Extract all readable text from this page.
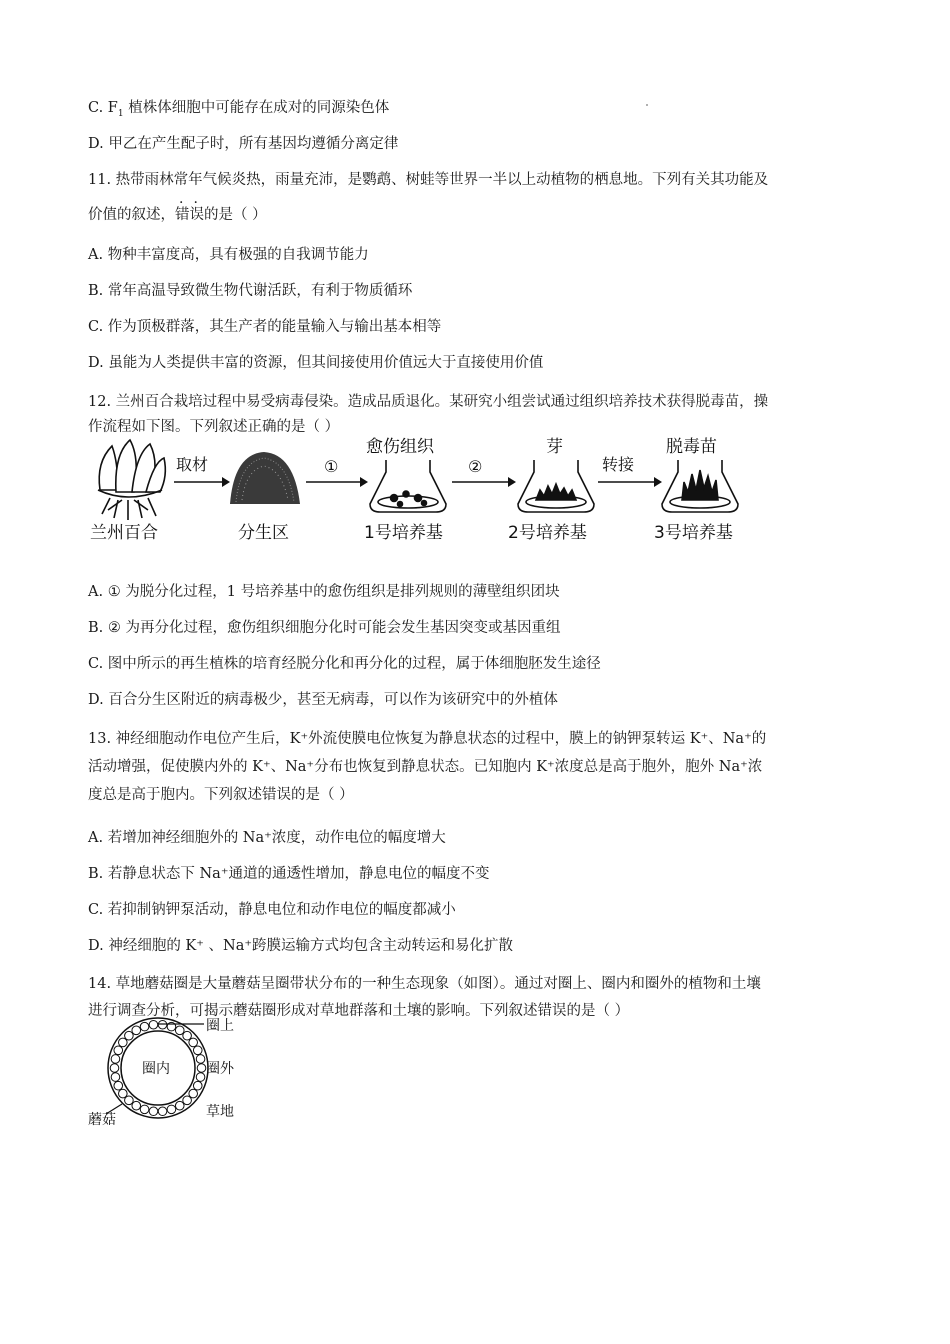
C. $F_1$ 植株体细胞中可能存在成对的同源染色体
D. 甲乙在产生配子时，所有基因均遵循分离定律
11. 热带雨林常年气候炎热，雨量充沛，是鹦鹉、树蛙等世界一半以上动植物的栖息地。下列有关其功能及
价值的叙述，错误的是（ ）
A. 物种丰富度高，具有极强的自我调节能力
B. 常年高温导致微生物代谢活跃，有利于物质循环
C. 作为顶极群落，其生产者的能量输入与输出基本相等
D. 虽能为人类提供丰富的资源，但其间接使用价值远大于直接使用价值
12. 兰州百合栽培过程中易受病毒侵染。造成品质退化。某研究小组尝试通过组织培养技术获得脱毒苗，操
作流程如下图。下列叙述正确的是（ ）
兰州百合
取材
分生区
①
愈伤组织
1号培养基
②
芽
2号培养基
转接
脱毒苗
3号培养基
A. ① 为脱分化过程，1 号培养基中的愈伤组织是排列规则的薄壁组织团块
B. ② 为再分化过程，愈伤组织细胞分化时可能会发生基因突变或基因重组
C. 图中所示的再生植株的培育经脱分化和再分化的过程，属于体细胞胚发生途径
D. 百合分生区附近的病毒极少，甚至无病毒，可以作为该研究中的外植体
13. 神经细胞动作电位产生后，K⁺外流使膜电位恢复为静息状态的过程中，膜上的钠钾泵转运 K⁺、Na⁺的
活动增强，促使膜内外的 K⁺、Na⁺分布也恢复到静息状态。已知胞内 K⁺浓度总是高于胞外，胞外 Na⁺浓
度总是高于胞内。下列叙述错误的是（ ）
A. 若增加神经细胞外的 Na⁺浓度，动作电位的幅度增大
B. 若静息状态下 Na⁺通道的通透性增加，静息电位的幅度不变
C. 若抑制钠钾泵活动，静息电位和动作电位的幅度都减小
D. 神经细胞的 K⁺ 、Na⁺跨膜运输方式均包含主动转运和易化扩散
14. 草地蘑菇圈是大量蘑菇呈圈带状分布的一种生态现象（如图）。通过对圈上、圈内和圈外的植物和土壤
进行调查分析，可揭示蘑菇圈形成对草地群落和土壤的影响。下列叙述错误的是（ ）
圈上
圈内	圈外
蘑菇	草地
